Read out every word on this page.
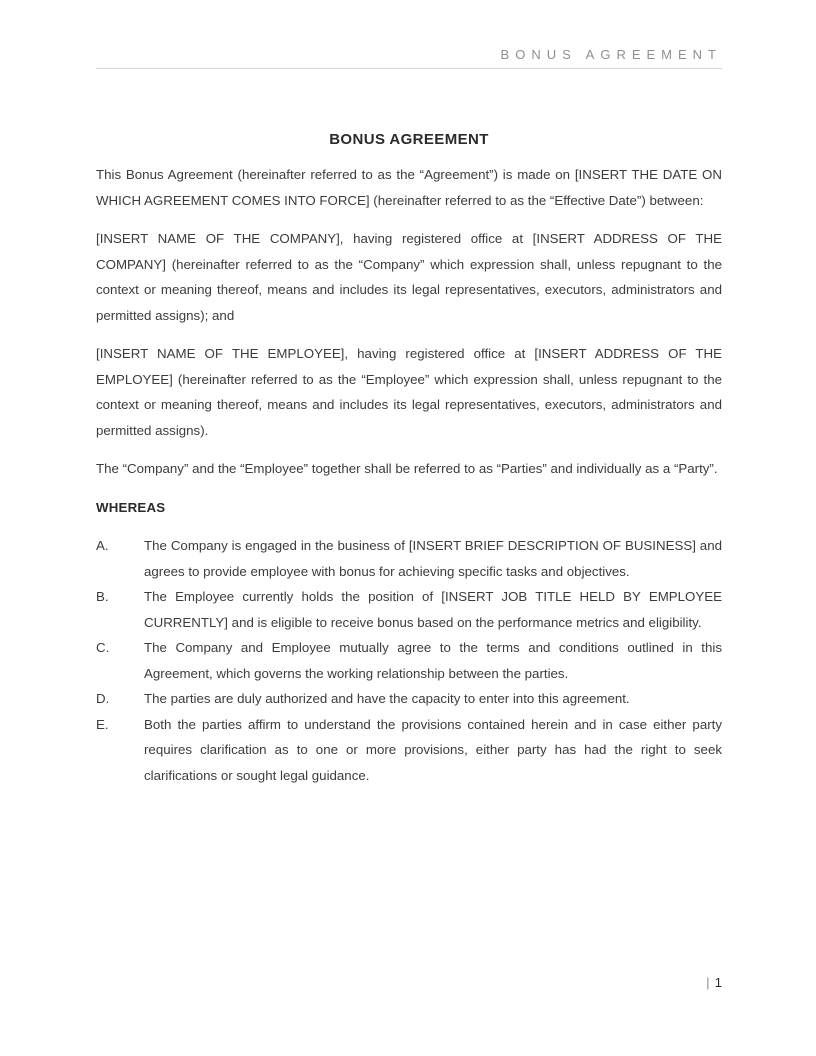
BONUS AGREEMENT
BONUS AGREEMENT

This Bonus Agreement (hereinafter referred to as the “Agreement”) is made on [INSERT THE DATE ON WHICH AGREEMENT COMES INTO FORCE] (hereinafter referred to as the “Effective Date”) between:

[INSERT NAME OF THE COMPANY], having registered office at [INSERT ADDRESS OF THE COMPANY] (hereinafter referred to as the “Company” which expression shall, unless repugnant to the context or meaning thereof, means and includes its legal representatives, executors, administrators and permitted assigns); and

[INSERT NAME OF THE EMPLOYEE], having registered office at [INSERT ADDRESS OF THE EMPLOYEE] (hereinafter referred to as the “Employee” which expression shall, unless repugnant to the context or meaning thereof, means and includes its legal representatives, executors, administrators and permitted assigns).

The “Company” and the “Employee” together shall be referred to as “Parties” and individually as a “Party”.

WHEREAS
A.	The Company is engaged in the business of [INSERT BRIEF DESCRIPTION OF BUSINESS] and agrees to provide employee with bonus for achieving specific tasks and objectives.
B.	The Employee currently holds the position of [INSERT JOB TITLE HELD BY EMPLOYEE CURRENTLY] and is eligible to receive bonus based on the performance metrics and eligibility.
C.	The Company and Employee mutually agree to the terms and conditions outlined in this Agreement, which governs the working relationship between the parties.
D.	The parties are duly authorized and have the capacity to enter into this agreement.
E.	Both the parties affirm to understand the provisions contained herein and in case either party requires clarification as to one or more provisions, either party has had the right to seek clarifications or sought legal guidance.
| 1
